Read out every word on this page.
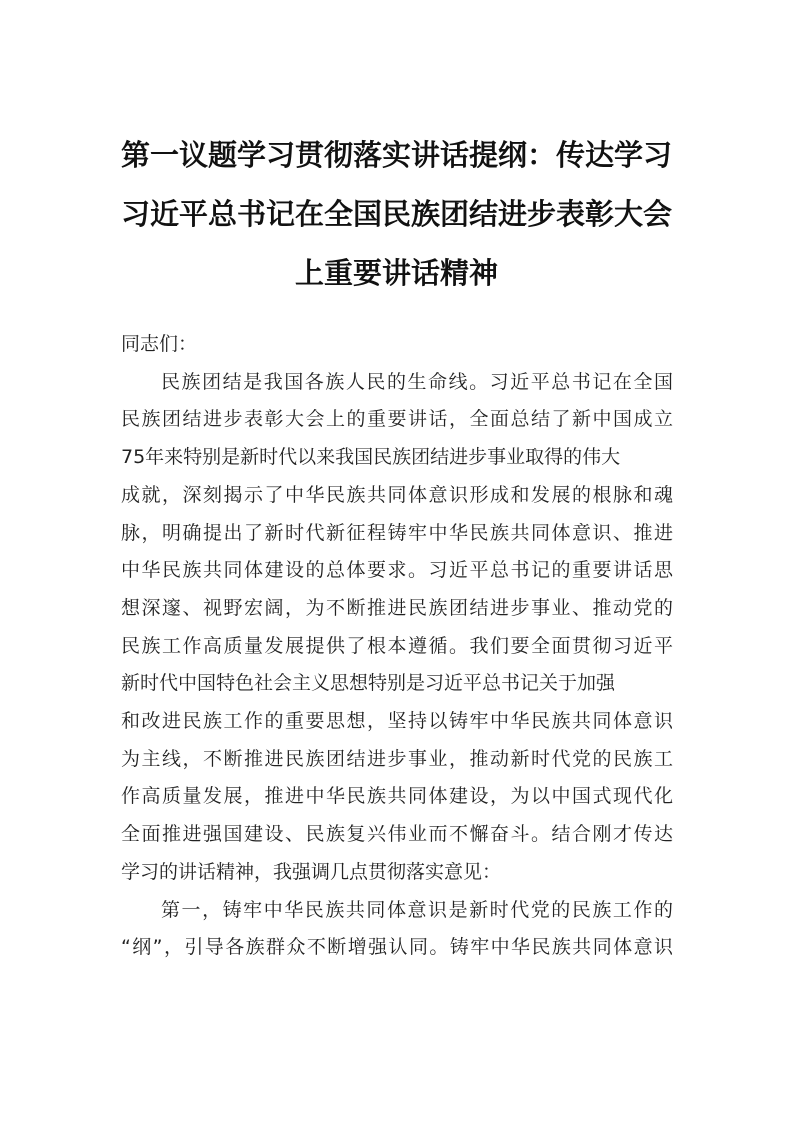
第一议题学习贯彻落实讲话提纲：传达学习
习近平总书记在全国民族团结进步表彰大会
上重要讲话精神
同志们：
民族团结是我国各族人民的生命线。习近平总书记在全国
民族团结进步表彰大会上的重要讲话，全面总结了新中国成立
75年来特别是新时代以来我国民族团结进步事业取得的伟大
成就，深刻揭示了中华民族共同体意识形成和发展的根脉和魂
脉，明确提出了新时代新征程铸牢中华民族共同体意识、推进
中华民族共同体建设的总体要求。习近平总书记的重要讲话思
想深邃、视野宏阔，为不断推进民族团结进步事业、推动党的
民族工作高质量发展提供了根本遵循。我们要全面贯彻习近平
新时代中国特色社会主义思想特别是习近平总书记关于加强
和改进民族工作的重要思想，坚持以铸牢中华民族共同体意识
为主线，不断推进民族团结进步事业，推动新时代党的民族工
作高质量发展，推进中华民族共同体建设，为以中国式现代化
全面推进强国建设、民族复兴伟业而不懈奋斗。结合刚才传达
学习的讲话精神，我强调几点贯彻落实意见：
第一，铸牢中华民族共同体意识是新时代党的民族工作的
“纲”，引导各族群众不断增强认同。铸牢中华民族共同体意识
